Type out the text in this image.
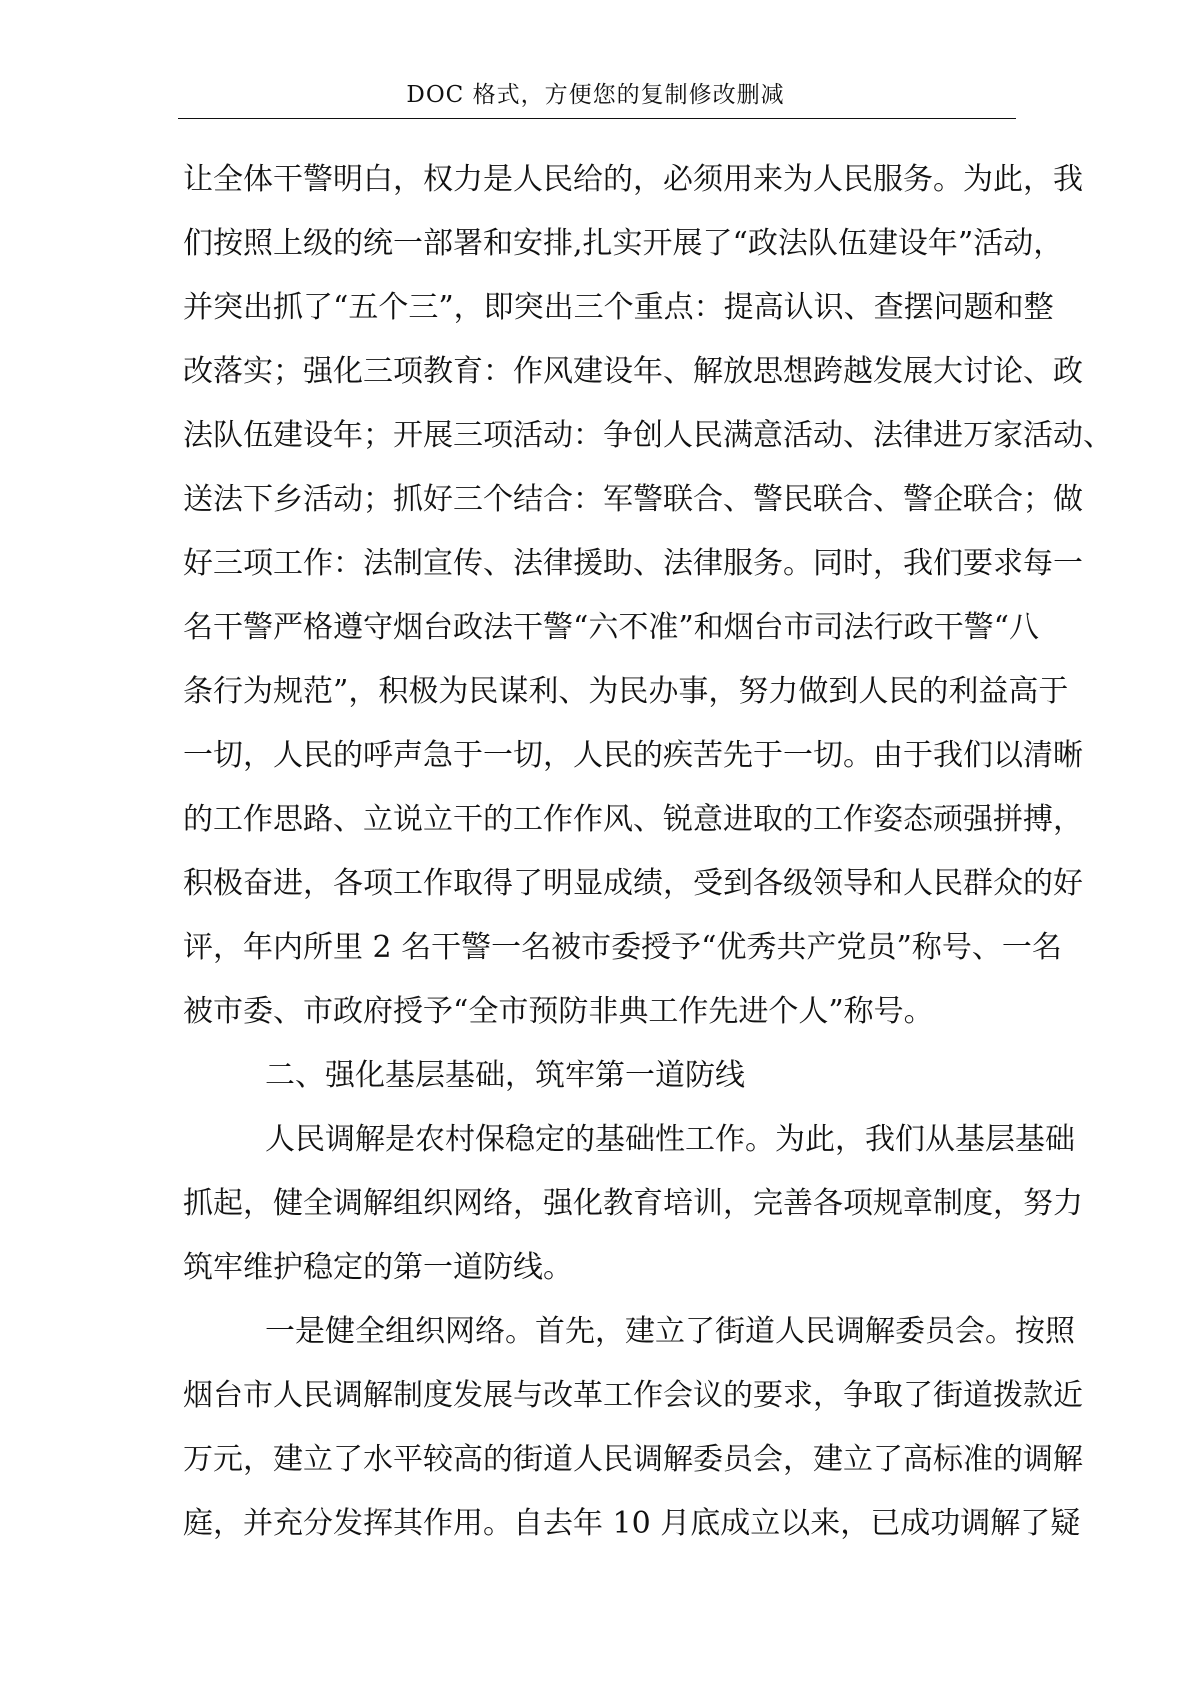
DOC 格式，方便您的复制修改删减
让全体干警明白，权力是人民给的，必须用来为人民服务。为此，我
们按照上级的统一部署和安排,扎实开展了“政法队伍建设年”活动，
并突出抓了“五个三”，即突出三个重点：提高认识、查摆问题和整
改落实；强化三项教育：作风建设年、解放思想跨越发展大讨论、政
法队伍建设年；开展三项活动：争创人民满意活动、法律进万家活动、
送法下乡活动；抓好三个结合：军警联合、警民联合、警企联合；做
好三项工作：法制宣传、法律援助、法律服务。同时，我们要求每一
名干警严格遵守烟台政法干警“六不准”和烟台市司法行政干警“八
条行为规范”，积极为民谋利、为民办事，努力做到人民的利益高于
一切，人民的呼声急于一切，人民的疾苦先于一切。由于我们以清晰
的工作思路、立说立干的工作作风、锐意进取的工作姿态顽强拼搏，
积极奋进，各项工作取得了明显成绩，受到各级领导和人民群众的好
评，年内所里 2 名干警一名被市委授予“优秀共产党员”称号、一名
被市委、市政府授予“全市预防非典工作先进个人”称号。
二、强化基层基础，筑牢第一道防线
人民调解是农村保稳定的基础性工作。为此，我们从基层基础
抓起，健全调解组织网络，强化教育培训，完善各项规章制度，努力
筑牢维护稳定的第一道防线。
一是健全组织网络。首先，建立了街道人民调解委员会。按照
烟台市人民调解制度发展与改革工作会议的要求，争取了街道拨款近
万元，建立了水平较高的街道人民调解委员会，建立了高标准的调解
庭，并充分发挥其作用。自去年 10 月底成立以来，已成功调解了疑
